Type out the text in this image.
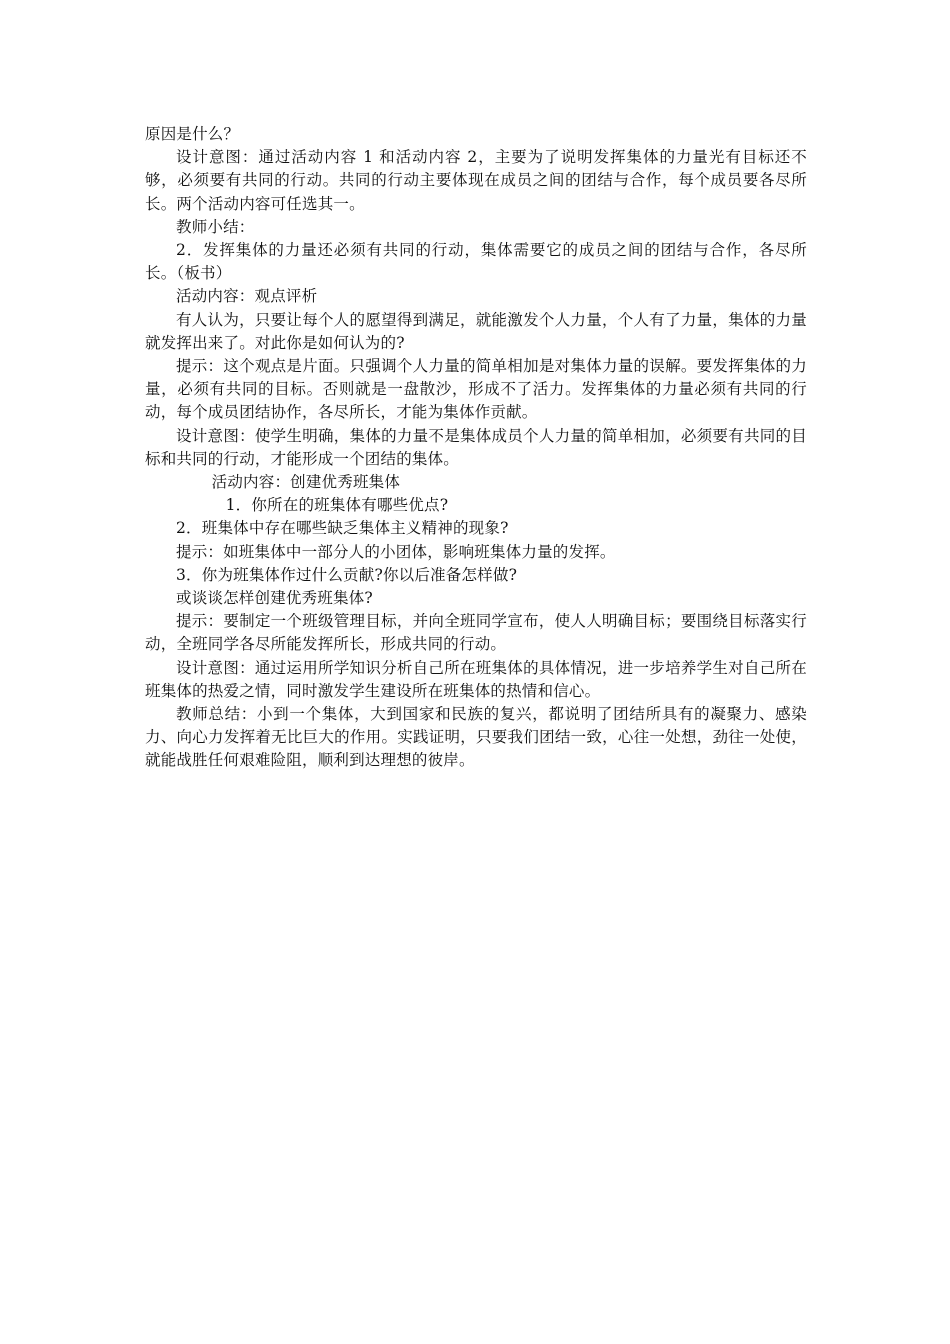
原因是什么？

设计意图：通过活动内容 1 和活动内容 2，主要为了说明发挥集体的力量光有目标还不够，必须要有共同的行动。共同的行动主要体现在成员之间的团结与合作，每个成员要各尽所长。两个活动内容可任选其一。

教师小结：

2．发挥集体的力量还必须有共同的行动，集体需要它的成员之间的团结与合作，各尽所长。（板书）

活动内容：观点评析

有人认为，只要让每个人的愿望得到满足，就能激发个人力量，个人有了力量，集体的力量就发挥出来了。对此你是如何认为的?

提示：这个观点是片面。只强调个人力量的简单相加是对集体力量的误解。要发挥集体的力量，必须有共同的目标。否则就是一盘散沙，形成不了活力。发挥集体的力量必须有共同的行动，每个成员团结协作，各尽所长，才能为集体作贡献。

设计意图：使学生明确，集体的力量不是集体成员个人力量的简单相加，必须要有共同的目标和共同的行动，才能形成一个团结的集体。

活动内容：创建优秀班集体

1．你所在的班集体有哪些优点?

2．班集体中存在哪些缺乏集体主义精神的现象?

提示：如班集体中一部分人的小团体，影响班集体力量的发挥。

3．你为班集体作过什么贡献?你以后准备怎样做?

或谈谈怎样创建优秀班集体?

提示：要制定一个班级管理目标，并向全班同学宣布，使人人明确目标；要围绕目标落实行动，全班同学各尽所能发挥所长，形成共同的行动。

设计意图：通过运用所学知识分析自己所在班集体的具体情况，进一步培养学生对自己所在班集体的热爱之情，同时激发学生建设所在班集体的热情和信心。

教师总结：小到一个集体，大到国家和民族的复兴，都说明了团结所具有的凝聚力、感染力、向心力发挥着无比巨大的作用。实践证明，只要我们团结一致，心往一处想，劲往一处使，就能战胜任何艰难险阻，顺利到达理想的彼岸。
